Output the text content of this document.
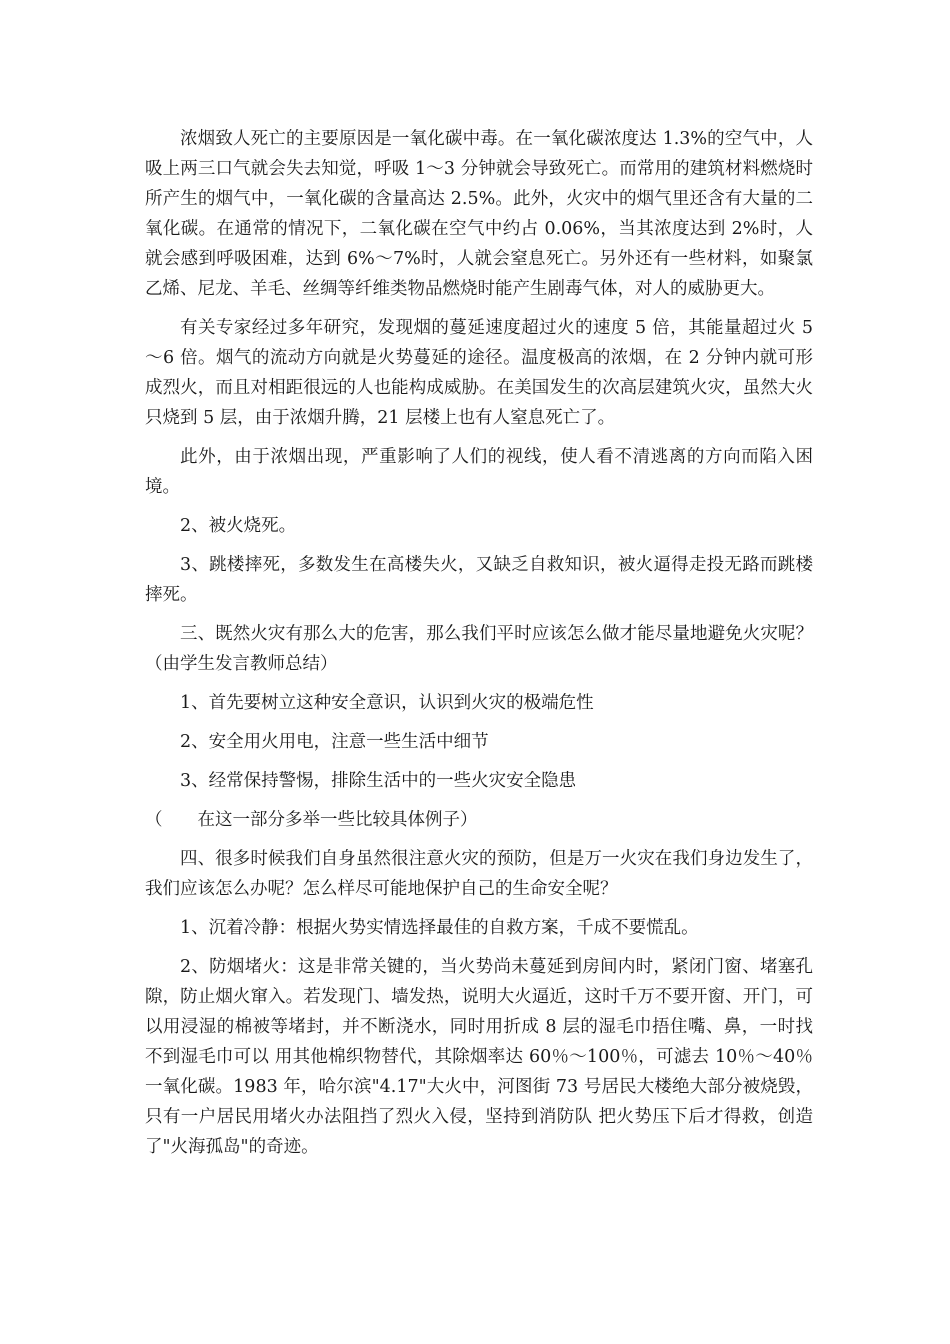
浓烟致人死亡的主要原因是一氧化碳中毒。在一氧化碳浓度达 1.3%的空气中，人吸上两三口气就会失去知觉，呼吸 1～3 分钟就会导致死亡。而常用的建筑材料燃烧时所产生的烟气中，一氧化碳的含量高达 2.5%。此外，火灾中的烟气里还含有大量的二氧化碳。在通常的情况下，二氧化碳在空气中约占 0.06%，当其浓度达到 2%时，人就会感到呼吸困难，达到 6%～7%时，人就会窒息死亡。另外还有一些材料，如聚氯乙烯、尼龙、羊毛、丝绸等纤维类物品燃烧时能产生剧毒气体，对人的威胁更大。

有关专家经过多年研究，发现烟的蔓延速度超过火的速度 5 倍，其能量超过火 5～6 倍。烟气的流动方向就是火势蔓延的途径。温度极高的浓烟，在 2 分钟内就可形成烈火，而且对相距很远的人也能构成威胁。在美国发生的次高层建筑火灾，虽然大火只烧到 5 层，由于浓烟升腾，21 层楼上也有人窒息死亡了。

此外，由于浓烟出现，严重影响了人们的视线，使人看不清逃离的方向而陷入困境。

2、被火烧死。

3、跳楼摔死，多数发生在高楼失火，又缺乏自救知识，被火逼得走投无路而跳楼摔死。

三、既然火灾有那么大的危害，那么我们平时应该怎么做才能尽量地避免火灾呢？（由学生发言教师总结）

1、首先要树立这种安全意识，认识到火灾的极端危性

2、安全用火用电，注意一些生活中细节

3、经常保持警惕，排除生活中的一些火灾安全隐患

（　　在这一部分多举一些比较具体例子）

四、很多时候我们自身虽然很注意火灾的预防，但是万一火灾在我们身边发生了，我们应该怎么办呢？怎么样尽可能地保护自己的生命安全呢？

1、沉着冷静：根据火势实情选择最佳的自救方案，千成不要慌乱。

2、防烟堵火：这是非常关键的，当火势尚未蔓延到房间内时，紧闭门窗、堵塞孔隙，防止烟火窜入。若发现门、墙发热，说明大火逼近，这时千万不要开窗、开门，可以用浸湿的棉被等堵封，并不断浇水，同时用折成 8 层的湿毛巾捂住嘴、鼻，一时找不到湿毛巾可以 用其他棉织物替代，其除烟率达 60％～100％，可滤去 10％～40％一氧化碳。1983 年，哈尔滨"4.17"大火中，河图街 73 号居民大楼绝大部分被烧毁，只有一户居民用堵火办法阻挡了烈火入侵，坚持到消防队 把火势压下后才得救，创造了"火海孤岛"的奇迹。
